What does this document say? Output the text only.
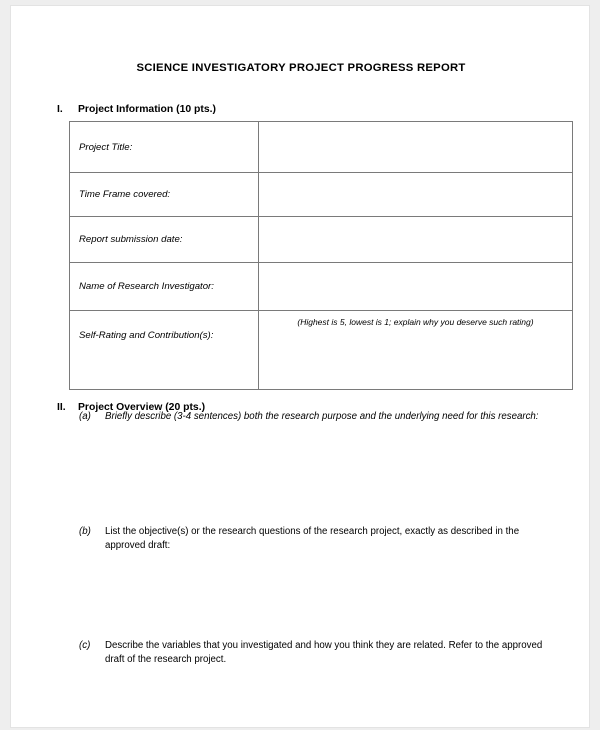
SCIENCE INVESTIGATORY PROJECT PROGRESS REPORT
I. Project Information (10 pts.)
Project Title:	
Time Frame covered:	
Report submission date:	
Name of Research Investigator:	
Self-Rating and Contribution(s):	(Highest is 5, lowest is 1; explain why you deserve such rating)
II. Project Overview (20 pts.)
(a)	Briefly describe (3-4 sentences) both the research purpose and the underlying need for this research:
(b)	List the objective(s) or the research questions of the research project, exactly as described in the approved draft:
(c)	Describe the variables that you investigated and how you think they are related. Refer to the approved draft of the research project.
